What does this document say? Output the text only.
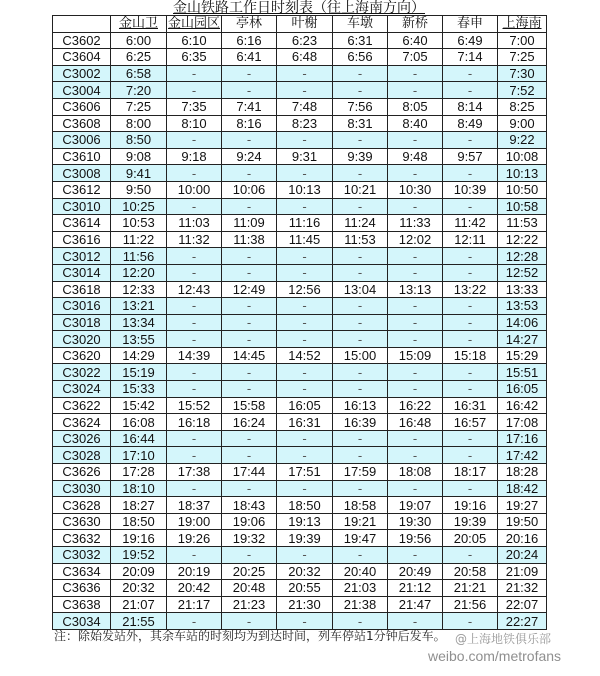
金山铁路工作日时刻表（往上海南方向）
	金山卫	金山园区	亭林	叶榭	车墩	新桥	春申	上海南
C3602	6:00	6:10	6:16	6:23	6:31	6:40	6:49	7:00
C3604	6:25	6:35	6:41	6:48	6:56	7:05	7:14	7:25
C3002	6:58	-	-	-	-	-	-	7:30
C3004	7:20	-	-	-	-	-	-	7:52
C3606	7:25	7:35	7:41	7:48	7:56	8:05	8:14	8:25
C3608	8:00	8:10	8:16	8:23	8:31	8:40	8:49	9:00
C3006	8:50	-	-	-	-	-	-	9:22
C3610	9:08	9:18	9:24	9:31	9:39	9:48	9:57	10:08
C3008	9:41	-	-	-	-	-	-	10:13
C3612	9:50	10:00	10:06	10:13	10:21	10:30	10:39	10:50
C3010	10:25	-	-	-	-	-	-	10:58
C3614	10:53	11:03	11:09	11:16	11:24	11:33	11:42	11:53
C3616	11:22	11:32	11:38	11:45	11:53	12:02	12:11	12:22
C3012	11:56	-	-	-	-	-	-	12:28
C3014	12:20	-	-	-	-	-	-	12:52
C3618	12:33	12:43	12:49	12:56	13:04	13:13	13:22	13:33
C3016	13:21	-	-	-	-	-	-	13:53
C3018	13:34	-	-	-	-	-	-	14:06
C3020	13:55	-	-	-	-	-	-	14:27
C3620	14:29	14:39	14:45	14:52	15:00	15:09	15:18	15:29
C3022	15:19	-	-	-	-	-	-	15:51
C3024	15:33	-	-	-	-	-	-	16:05
C3622	15:42	15:52	15:58	16:05	16:13	16:22	16:31	16:42
C3624	16:08	16:18	16:24	16:31	16:39	16:48	16:57	17:08
C3026	16:44	-	-	-	-	-	-	17:16
C3028	17:10	-	-	-	-	-	-	17:42
C3626	17:28	17:38	17:44	17:51	17:59	18:08	18:17	18:28
C3030	18:10	-	-	-	-	-	-	18:42
C3628	18:27	18:37	18:43	18:50	18:58	19:07	19:16	19:27
C3630	18:50	19:00	19:06	19:13	19:21	19:30	19:39	19:50
C3632	19:16	19:26	19:32	19:39	19:47	19:56	20:05	20:16
C3032	19:52	-	-	-	-	-	-	20:24
C3634	20:09	20:19	20:25	20:32	20:40	20:49	20:58	21:09
C3636	20:32	20:42	20:48	20:55	21:03	21:12	21:21	21:32
C3638	21:07	21:17	21:23	21:30	21:38	21:47	21:56	22:07
C3034	21:55	-	-	-	-	-	-	22:27
注：除始发站外，其余车站的时刻均为到达时间，列车停站1分钟后发车。 @上海地铁俱乐部
weibo.com/metrofans
